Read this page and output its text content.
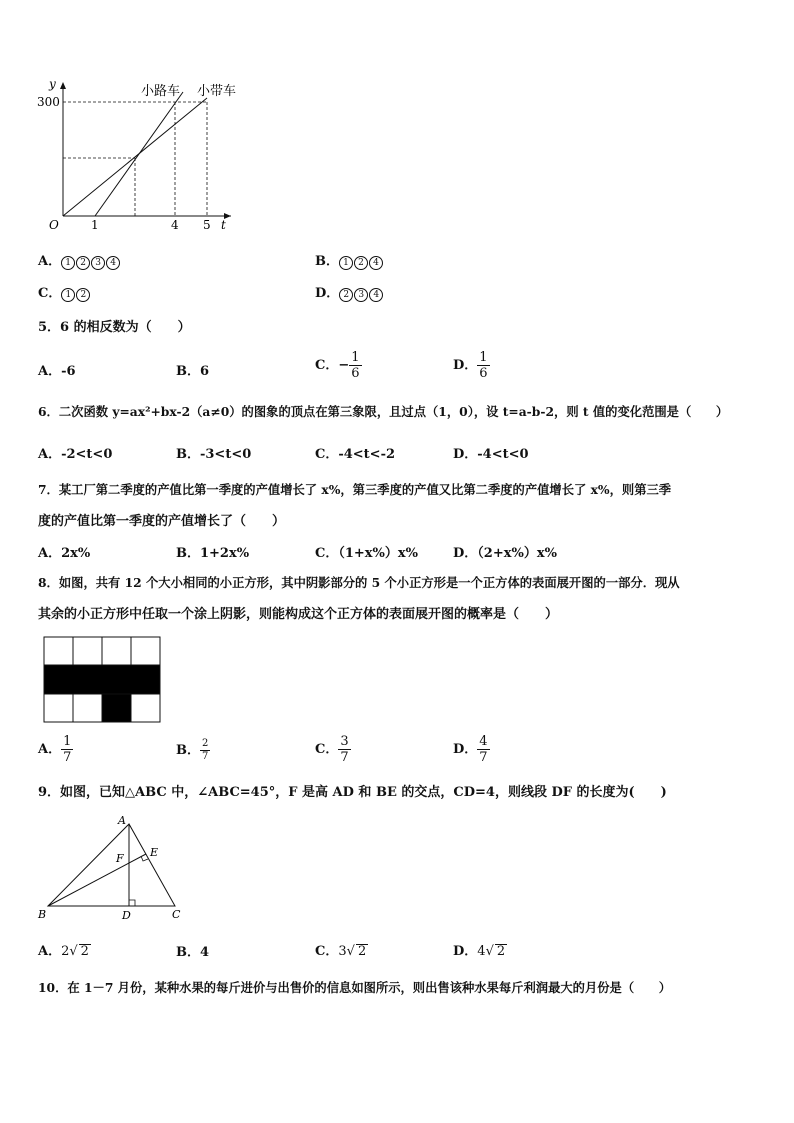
y
300
O	1	4 5 t
小路车 小带车
A． 1 2 3 4	B． 1 2 4
C． 1 2	D． 2 3 4
5．6 的相反数为（　　）
A．-6	B．6	C．− $\frac{1}{6}$	D． $\frac{1}{6}$
6．二次函数 y=ax²+bx-2（a≠0）的图象的顶点在第三象限，且过点（1，0），设 t=a-b-2，则 t 值的变化范围是（　　）
A．-2<t<0	B．-3<t<0	C．-4<t<-2	D．-4<t<0
7．某工厂第二季度的产值比第一季度的产值增长了 x%，第三季度的产值又比第二季度的产值增长了 x%，则第三季
度的产值比第一季度的产值增长了（　　）
A．2x%	B．1+2x%	C．（1+x%）x%	D．（2+x%）x%
8．如图，共有 12 个大小相同的小正方形，其中阴影部分的 5 个小正方形是一个正方体的表面展开图的一部分．现从
其余的小正方形中任取一个涂上阴影，则能构成这个正方体的表面展开图的概率是（　　）
A． $\frac{1}{7}$	B． $\frac{2}{7}$	C． $\frac{3}{7}$	D． $\frac{4}{7}$
9．如图，已知△ABC 中，∠ABC=45°，F 是高 AD 和 BE 的交点，CD=4，则线段 DF 的长度为(　　)
A
E
F
B	D	C
A．2√ 2	B．4	C．3√ 2	D．4√ 2
10．在 1－7 月份，某种水果的每斤进价与出售价的信息如图所示，则出售该种水果每斤利润最大的月份是（　　）
